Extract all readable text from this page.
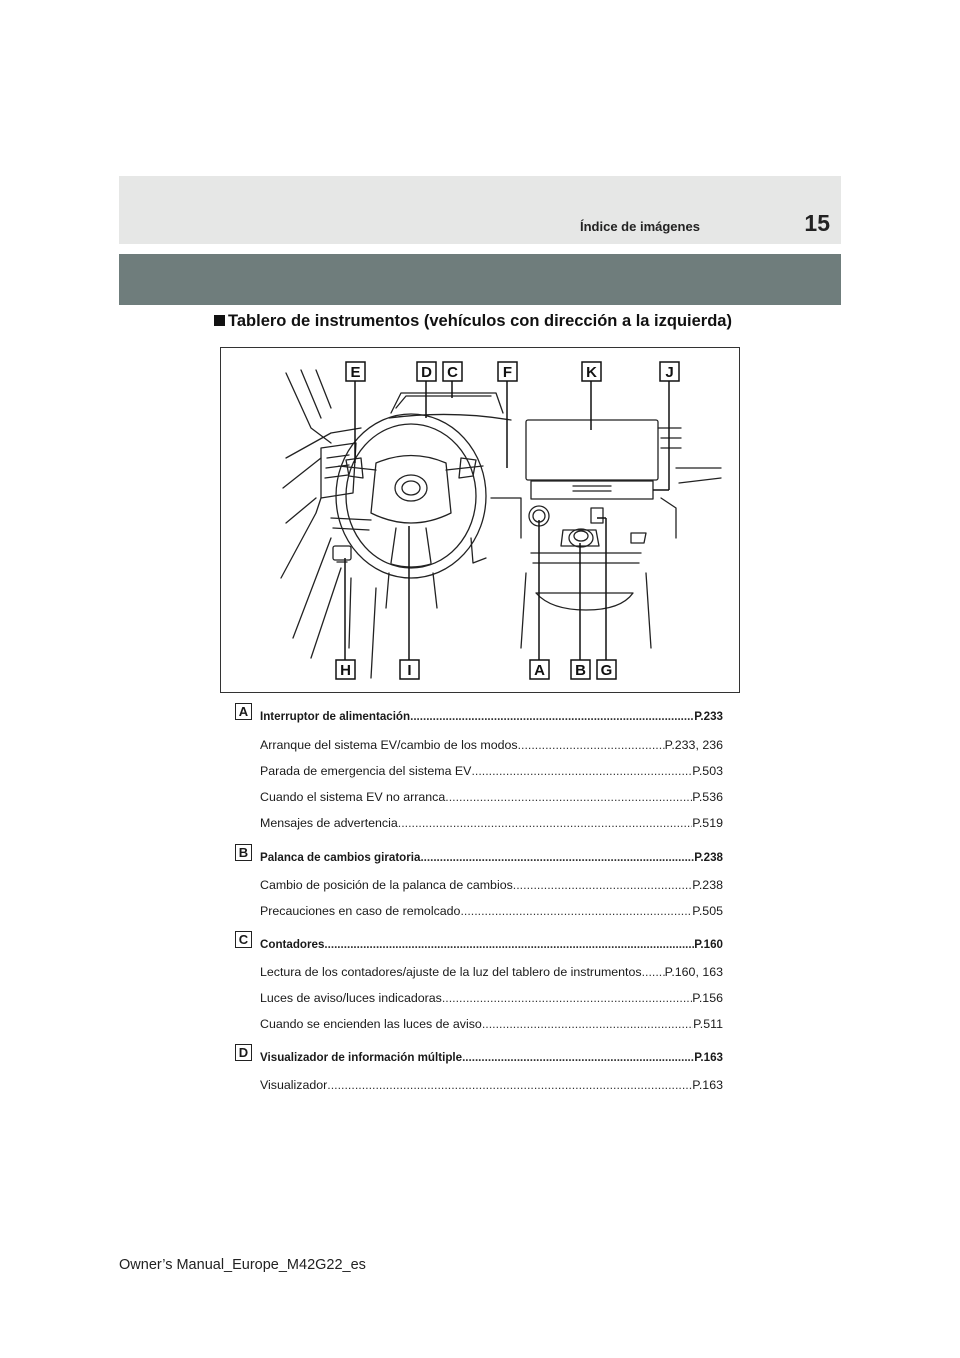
Índice de imágenes	15
Tablero de instrumentos (vehículos con dirección a la izquierda)
E	D C	F	K	J
H	I	A B G
A	Interruptor de alimentación .....	P.233
Arranque del sistema EV/cambio de los modos .....	P.233, 236
Parada de emergencia del sistema EV .....	P.503
Cuando el sistema EV no arranca .....	P.536
Mensajes de advertencia .....	P.519
B	Palanca de cambios giratoria .....	P.238
Cambio de posición de la palanca de cambios .....	P.238
Precauciones en caso de remolcado .....	P.505
C	Contadores .....	P.160
Lectura de los contadores/ajuste de la luz del tablero de instrumentos ..... P.160, 163
Luces de aviso/luces indicadoras .....	P.156
Cuando se encienden las luces de aviso .....	P.511
D	Visualizador de información múltiple .....	P.163
Visualizador .....	P.163
Owner’s Manual_Europe_M42G22_es
